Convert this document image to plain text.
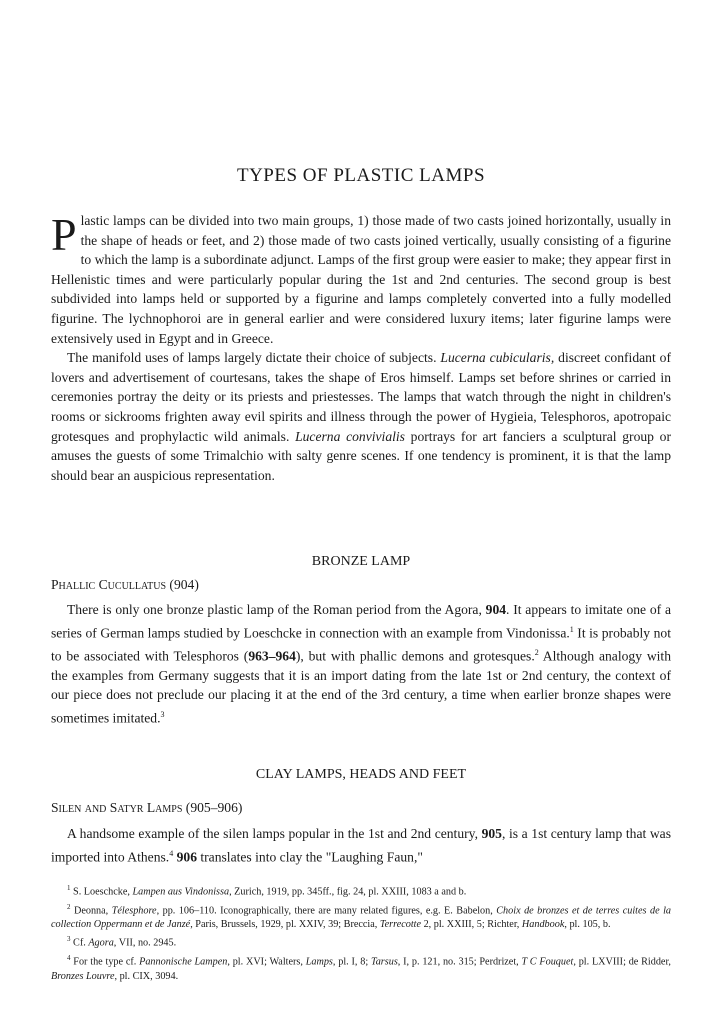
TYPES OF PLASTIC LAMPS

Plastic lamps can be divided into two main groups, 1) those made of two casts joined horizontally, usually in the shape of heads or feet, and 2) those made of two casts joined vertically, usually consisting of a figurine to which the lamp is a subordinate adjunct. Lamps of the first group were easier to make; they appear first in Hellenistic times and were particularly popular during the 1st and 2nd centuries. The second group is best subdivided into lamps held or supported by a figurine and lamps completely converted into a fully modelled figurine. The lychnophoroi are in general earlier and were considered luxury items; later figurine lamps were extensively used in Egypt and in Greece.

The manifold uses of lamps largely dictate their choice of subjects. Lucerna cubicularis, discreet confidant of lovers and advertisement of courtesans, takes the shape of Eros himself. Lamps set before shrines or carried in ceremonies portray the deity or its priests and priestesses. The lamps that watch through the night in children's rooms or sickrooms frighten away evil spirits and illness through the power of Hygieia, Telesphoros, apotropaic grotesques and prophylactic wild animals. Lucerna convivialis portrays for art fanciers a sculptural group or amuses the guests of some Trimalchio with salty genre scenes. If one tendency is prominent, it is that the lamp should bear an auspicious representation.

BRONZE LAMP
Phallic Cucullatus (904)

There is only one bronze plastic lamp of the Roman period from the Agora, 904. It appears to imitate one of a series of German lamps studied by Loeschcke in connection with an example from Vindonissa.$^1$ It is probably not to be associated with Telesphoros (963–964), but with phallic demons and grotesques.$^2$ Although analogy with the examples from Germany suggests that it is an import dating from the late 1st or 2nd century, the context of our piece does not preclude our placing it at the end of the 3rd century, a time when earlier bronze shapes were sometimes imitated.$^3$

CLAY LAMPS, HEADS AND FEET
Silen and Satyr Lamps (905–906)

A handsome example of the silen lamps popular in the 1st and 2nd century, 905, is a 1st century lamp that was imported into Athens.$^4$ 906 translates into clay the "Laughing Faun,"

$^1$ S. Loeschcke, Lampen aus Vindonissa, Zurich, 1919, pp. 345ff., fig. 24, pl. XXIII, 1083 a and b.

$^2$ Deonna, Télesphore, pp. 106–110. Iconographically, there are many related figures, e.g. E. Babelon, Choix de bronzes et de terres cuites de la collection Oppermann et de Janzé, Paris, Brussels, 1929, pl. XXIV, 39; Breccia, Terrecotte 2, pl. XXIII, 5; Richter, Handbook, pl. 105, b.

$^3$ Cf. Agora, VII, no. 2945.

$^4$ For the type cf. Pannonische Lampen, pl. XVI; Walters, Lamps, pl. I, 8; Tarsus, I, p. 121, no. 315; Perdrizet, T C Fouquet, pl. LXVIII; de Ridder, Bronzes Louvre, pl. CIX, 3094.
